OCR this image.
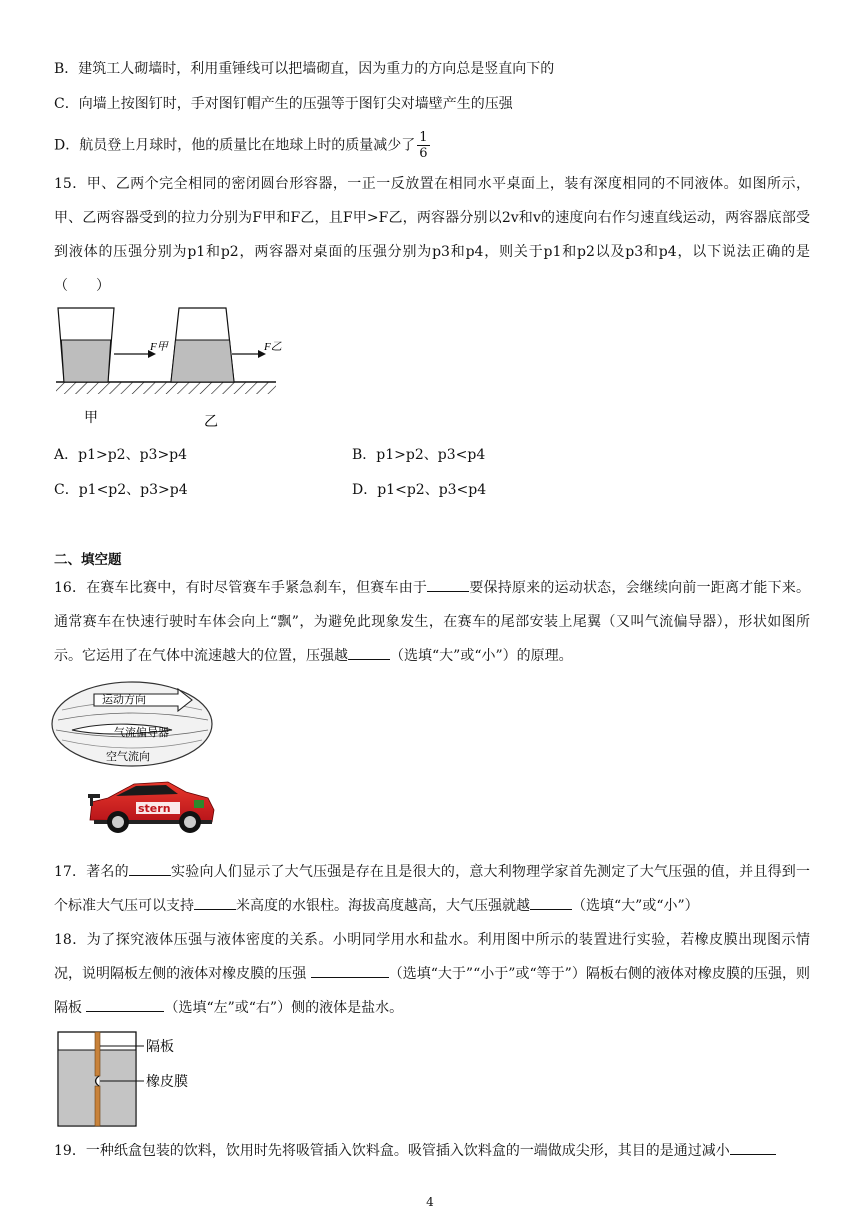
B．建筑工人砌墙时，利用重锤线可以把墙砌直，因为重力的方向总是竖直向下的
C．向墙上按图钉时，手对图钉帽产生的压强等于图钉尖对墙壁产生的压强
D．航员登上月球时，他的质量比在地球上时的质量减少了 $\frac{1}{6}$
15．甲、乙两个完全相同的密闭圆台形容器，一正一反放置在相同水平桌面上，装有深度相同的不同液体。如图所示，甲、乙两容器受到的拉力分别为F甲和F乙，且F甲>F乙，两容器分别以2v和v的速度向右作匀速直线运动，两容器底部受到液体的压强分别为p1和p2，两容器对桌面的压强分别为p3和p4，则关于p1和p2以及p3和p4，以下说法正确的是（　　）
F甲	F乙
甲	乙
A．p1>p2、p3>p4	B．p1>p2、p3<p4
C．p1<p2、p3>p4	D．p1<p2、p3<p4
二、填空题
16．在赛车比赛中，有时尽管赛车手紧急刹车，但赛车由于	要保持原来的运动状态，会继续向前一距离才能下来。通常赛车在快速行驶时车体会向上“飘”，为避免此现象发生，在赛车的尾部安装上尾翼（又叫气流偏导器），形状如图所示。它运用了在气体中流速越大的位置，压强越	（选填“大”或“小”）的原理。
运动方向
气流偏导器
空气流向
stern
17．著名的	实验向人们显示了大气压强是存在且是很大的，意大利物理学家首先测定了大气压强的值，并且得到一个标准大气压可以支持	米高度的水银柱。海拔高度越高，大气压强就越	（选填“大”或“小”）
18．为了探究液体压强与液体密度的关系。小明同学用水和盐水。利用图中所示的装置进行实验，若橡皮膜出现图示情况，说明隔板左侧的液体对橡皮膜的压强	（选填“大于”“小于”或“等于”）隔板右侧的液体对橡皮膜的压强，则隔板	（选填“左”或“右”）侧的液体是盐水。
隔板
橡皮膜
19．一种纸盒包装的饮料，饮用时先将吸管插入饮料盒。吸管插入饮料盒的一端做成尖形，其目的是通过减小
4
